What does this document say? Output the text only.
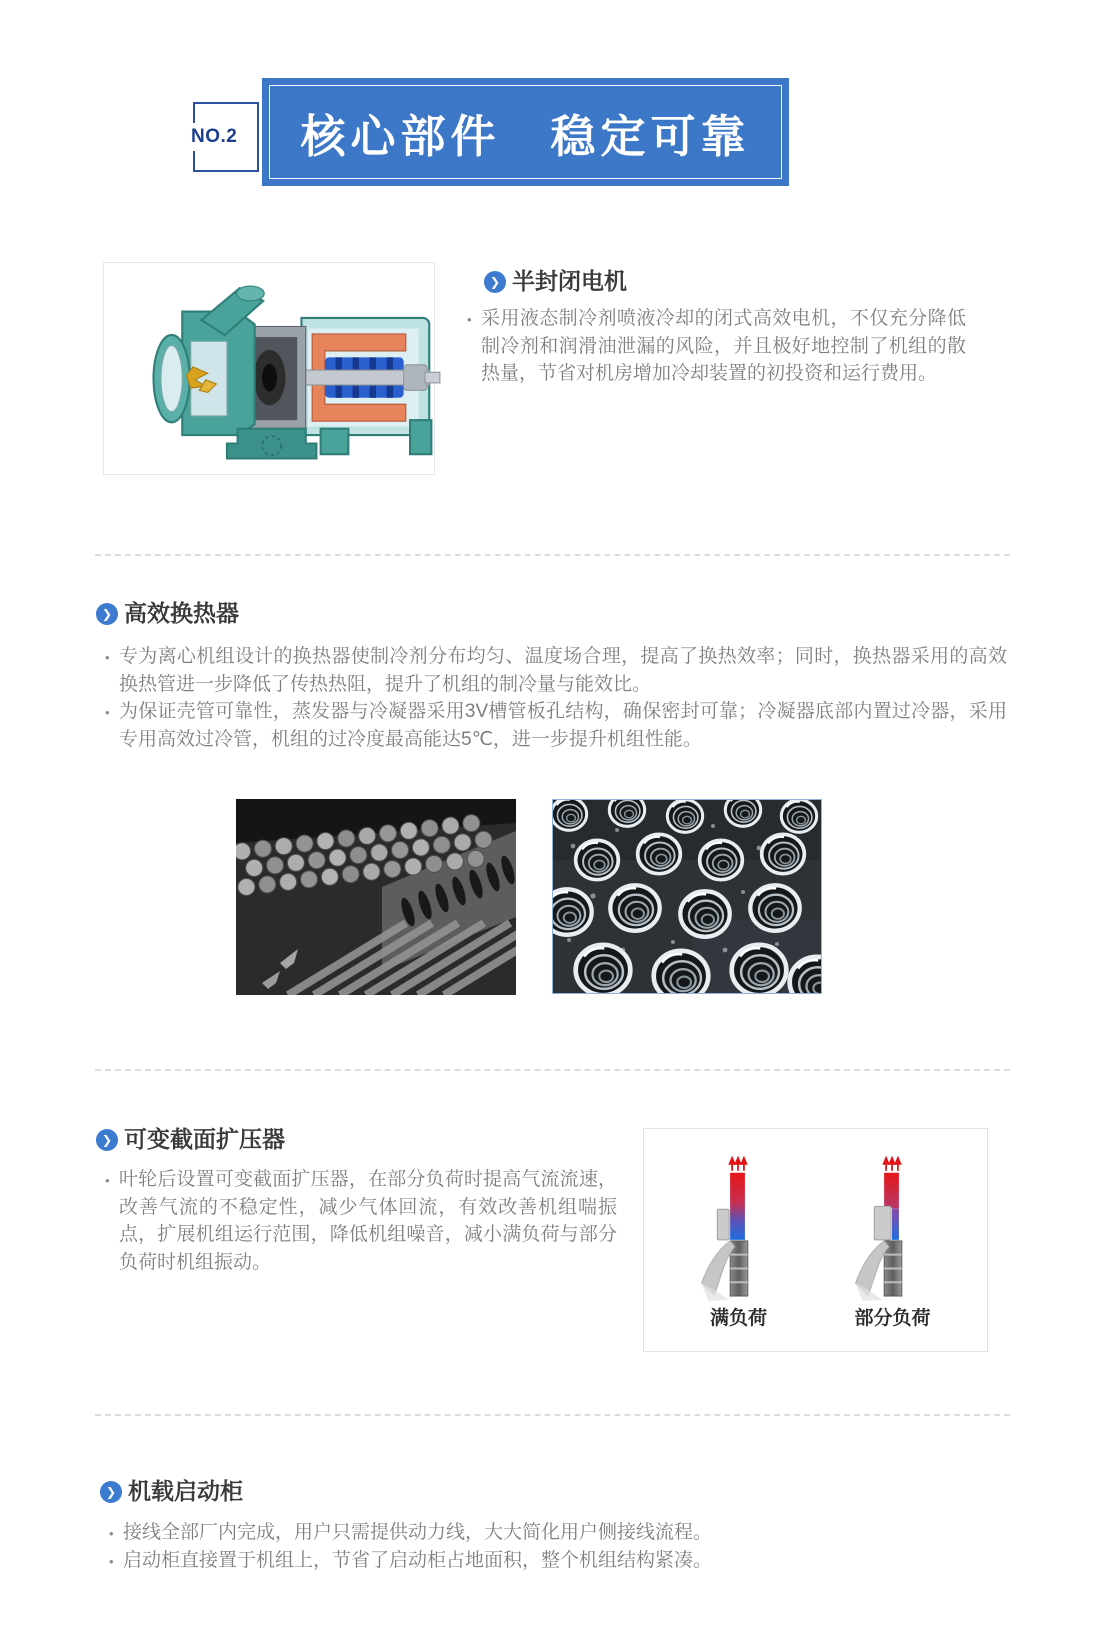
NO.2	核心部件　稳定可靠
❯ 半封闭电机
• 采用液态制冷剂喷液冷却的闭式高效电机，不仅充分降低制冷剂和润滑油泄漏的风险，并且极好地控制了机组的散热量，节省对机房增加冷却装置的初投资和运行费用。
❯ 高效换热器
• 专为离心机组设计的换热器使制冷剂分布均匀、温度场合理，提高了换热效率；同时，换热器采用的高效换热管进一步降低了传热热阻，提升了机组的制冷量与能效比。
• 为保证壳管可靠性，蒸发器与冷凝器采用3V槽管板孔结构，确保密封可靠；冷凝器底部内置过冷器，采用专用高效过冷管，机组的过冷度最高能达5℃，进一步提升机组性能。
❯ 可变截面扩压器
• 叶轮后设置可变截面扩压器，在部分负荷时提高气流流速，改善气流的不稳定性，减少气体回流，有效改善机组喘振点，扩展机组运行范围，降低机组噪音，减小满负荷与部分负荷时机组振动。
满负荷	部分负荷
❯ 机载启动柜
• 接线全部厂内完成，用户只需提供动力线，大大简化用户侧接线流程。
• 启动柜直接置于机组上，节省了启动柜占地面积，整个机组结构紧凑。
